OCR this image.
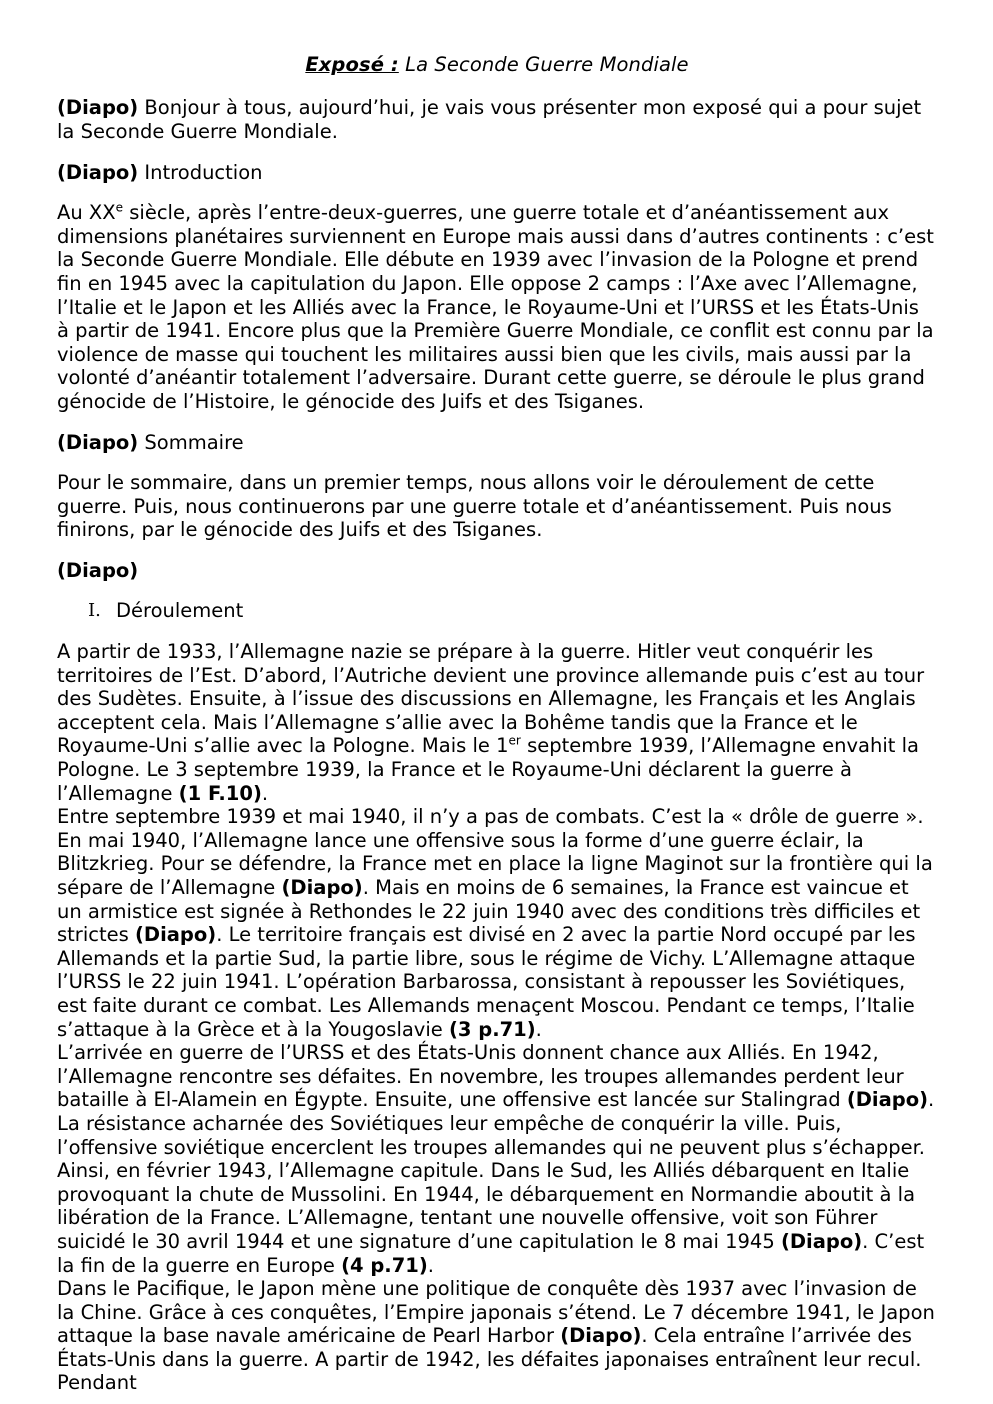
Exposé : La Seconde Guerre Mondiale

(Diapo) Bonjour à tous, aujourd’hui, je vais vous présenter mon exposé qui a pour sujet la Seconde Guerre Mondiale.

(Diapo) Introduction

Au XXe siècle, après l’entre-deux-guerres, une guerre totale et d’anéantissement aux dimensions planétaires surviennent en Europe mais aussi dans d’autres continents : c’est la Seconde Guerre Mondiale. Elle débute en 1939 avec l’invasion de la Pologne et prend fin en 1945 avec la capitulation du Japon. Elle oppose 2 camps : l’Axe avec l’Allemagne, l’Italie et le Japon et les Alliés avec la France, le Royaume-Uni et l’URSS et les États-Unis à partir de 1941. Encore plus que la Première Guerre Mondiale, ce conflit est connu par la violence de masse qui touchent les militaires aussi bien que les civils, mais aussi par la volonté d’anéantir totalement l’adversaire. Durant cette guerre, se déroule le plus grand génocide de l’Histoire, le génocide des Juifs et des Tsiganes.

(Diapo) Sommaire

Pour le sommaire, dans un premier temps, nous allons voir le déroulement de cette guerre. Puis, nous continuerons par une guerre totale et d’anéantissement. Puis nous finirons, par le génocide des Juifs et des Tsiganes.

(Diapo)

I. Déroulement

A partir de 1933, l’Allemagne nazie se prépare à la guerre. Hitler veut conquérir les territoires de l’Est. D’abord, l’Autriche devient une province allemande puis c’est au tour des Sudètes. Ensuite, à l’issue des discussions en Allemagne, les Français et les Anglais acceptent cela. Mais l’Allemagne s’allie avec la Bohême tandis que la France et le Royaume-Uni s’allie avec la Pologne. Mais le 1er septembre 1939, l’Allemagne envahit la Pologne. Le 3 septembre 1939, la France et le Royaume-Uni déclarent la guerre à l’Allemagne (1 F.10).

Entre septembre 1939 et mai 1940, il n’y a pas de combats. C’est la « drôle de guerre ». En mai 1940, l’Allemagne lance une offensive sous la forme d’une guerre éclair, la Blitzkrieg. Pour se défendre, la France met en place la ligne Maginot sur la frontière qui la sépare de l’Allemagne (Diapo). Mais en moins de 6 semaines, la France est vaincue et un armistice est signée à Rethondes le 22 juin 1940 avec des conditions très difficiles et strictes (Diapo). Le territoire français est divisé en 2 avec la partie Nord occupé par les Allemands et la partie Sud, la partie libre, sous le régime de Vichy. L’Allemagne attaque l’URSS le 22 juin 1941. L’opération Barbarossa, consistant à repousser les Soviétiques, est faite durant ce combat. Les Allemands menaçent Moscou. Pendant ce temps, l’Italie s’attaque à la Grèce et à la Yougoslavie (3 p.71).

L’arrivée en guerre de l’URSS et des États-Unis donnent chance aux Alliés. En 1942, l’Allemagne rencontre ses défaites. En novembre, les troupes allemandes perdent leur bataille à El-Alamein en Égypte. Ensuite, une offensive est lancée sur Stalingrad (Diapo). La résistance acharnée des Soviétiques leur empêche de conquérir la ville. Puis, l’offensive soviétique encerclent les troupes allemandes qui ne peuvent plus s’échapper. Ainsi, en février 1943, l’Allemagne capitule. Dans le Sud, les Alliés débarquent en Italie provoquant la chute de Mussolini. En 1944, le débarquement en Normandie aboutit à la libération de la France. L’Allemagne, tentant une nouvelle offensive, voit son Führer suicidé le 30 avril 1944 et une signature d’une capitulation le 8 mai 1945 (Diapo). C’est la fin de la guerre en Europe (4 p.71).

Dans le Pacifique, le Japon mène une politique de conquête dès 1937 avec l’invasion de la Chine. Grâce à ces conquêtes, l’Empire japonais s’étend. Le 7 décembre 1941, le Japon attaque la base navale américaine de Pearl Harbor (Diapo). Cela entraîne l’arrivée des États-Unis dans la guerre. A partir de 1942, les défaites japonaises entraînent leur recul. Pendant
